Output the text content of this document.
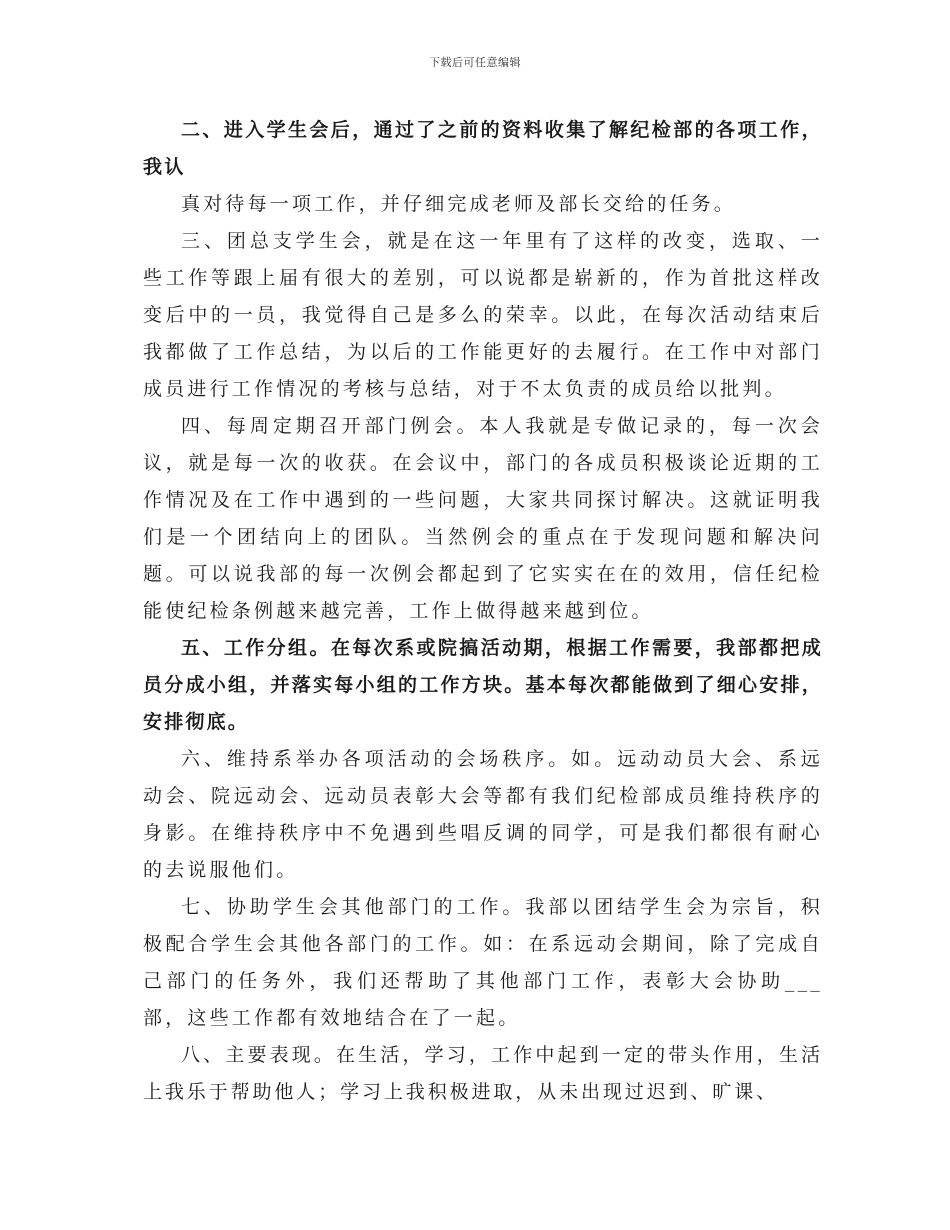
下载后可任意编辑

二、进入学生会后，通过了之前的资料收集了解纪检部的各项工作，我认

真对待每一项工作，并仔细完成老师及部长交给的任务。

三、团总支学生会，就是在这一年里有了这样的改变，选取、一些工作等跟上届有很大的差别，可以说都是崭新的，作为首批这样改变后中的一员，我觉得自己是多么的荣幸。以此，在每次活动结束后我都做了工作总结，为以后的工作能更好的去履行。在工作中对部门成员进行工作情况的考核与总结，对于不太负责的成员给以批判。

四、每周定期召开部门例会。本人我就是专做记录的，每一次会议，就是每一次的收获。在会议中，部门的各成员积极谈论近期的工作情况及在工作中遇到的一些问题，大家共同探讨解决。这就证明我们是一个团结向上的团队。当然例会的重点在于发现问题和解决问题。可以说我部的每一次例会都起到了它实实在在的效用，信任纪检能使纪检条例越来越完善，工作上做得越来越到位。

五、工作分组。在每次系或院搞活动期，根据工作需要，我部都把成员分成小组，并落实每小组的工作方块。基本每次都能做到了细心安排，安排彻底。

六、维持系举办各项活动的会场秩序。如。远动动员大会、系远动会、院远动会、远动员表彰大会等都有我们纪检部成员维持秩序的身影。在维持秩序中不免遇到些唱反调的同学，可是我们都很有耐心的去说服他们。

七、协助学生会其他部门的工作。我部以团结学生会为宗旨，积极配合学生会其他各部门的工作。如：在系远动会期间，除了完成自己部门的任务外，我们还帮助了其他部门工作，表彰大会协助___部，这些工作都有效地结合在了一起。

八、主要表现。在生活，学习，工作中起到一定的带头作用，生活上我乐于帮助他人；学习上我积极进取，从未出现过迟到、旷课、
